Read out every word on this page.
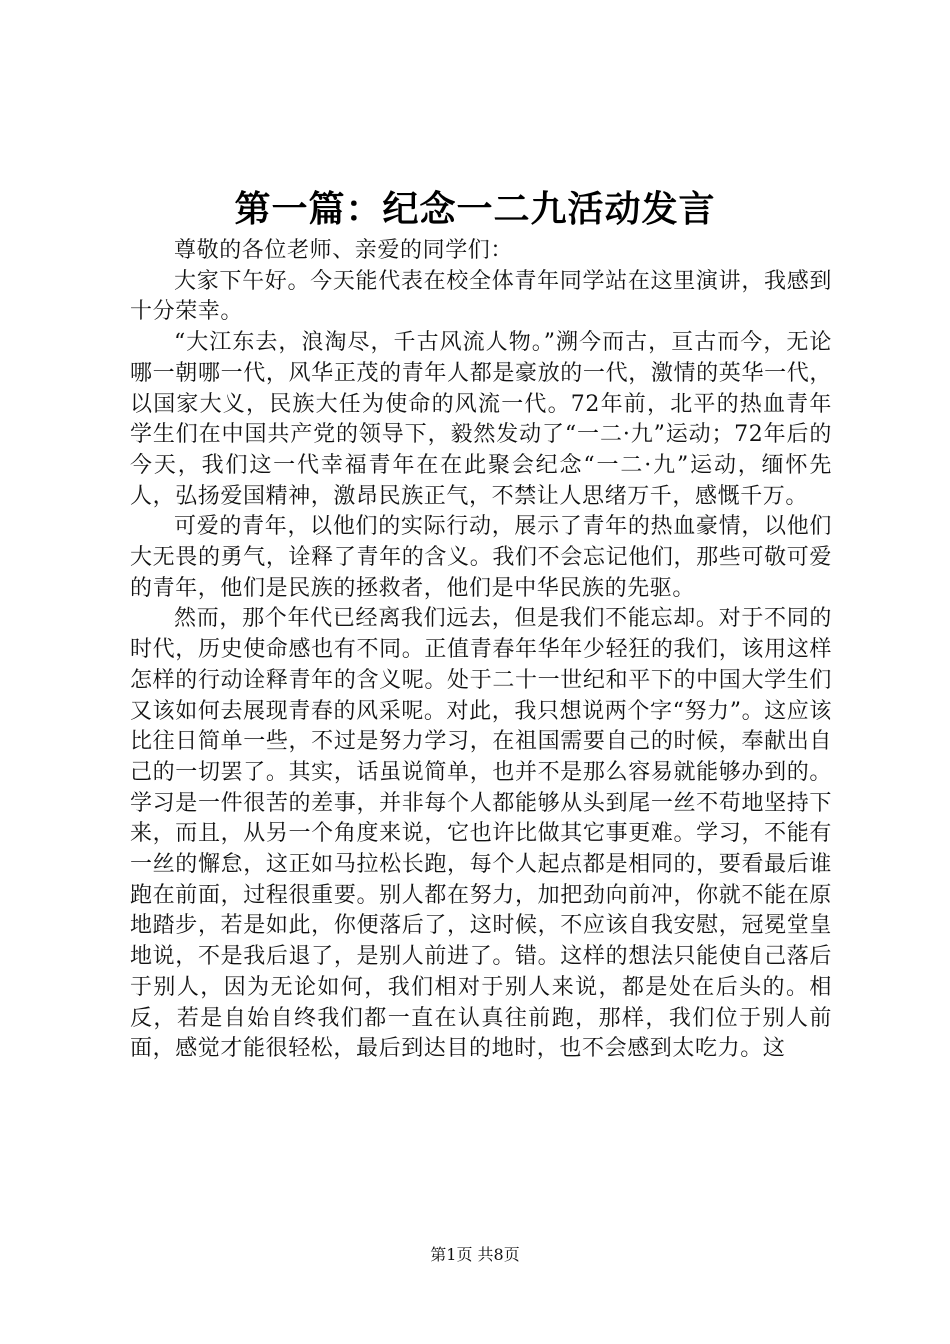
第一篇：纪念一二九活动发言

尊敬的各位老师、亲爱的同学们：

大家下午好。今天能代表在校全体青年同学站在这里演讲，我感到十分荣幸。

“大江东去，浪淘尽，千古风流人物。”溯今而古，亘古而今，无论哪一朝哪一代，风华正茂的青年人都是豪放的一代，激情的英华一代，以国家大义，民族大任为使命的风流一代。72年前，北平的热血青年学生们在中国共产党的领导下，毅然发动了“一二·九”运动；72年后的今天，我们这一代幸福青年在在此聚会纪念“一二·九”运动，缅怀先人，弘扬爱国精神，激昂民族正气，不禁让人思绪万千，感慨千万。

可爱的青年，以他们的实际行动，展示了青年的热血豪情，以他们大无畏的勇气，诠释了青年的含义。我们不会忘记他们，那些可敬可爱的青年，他们是民族的拯救者，他们是中华民族的先驱。

然而，那个年代已经离我们远去，但是我们不能忘却。对于不同的时代，历史使命感也有不同。正值青春年华年少轻狂的我们，该用这样怎样的行动诠释青年的含义呢。处于二十一世纪和平下的中国大学生们又该如何去展现青春的风采呢。对此，我只想说两个字“努力”。这应该比往日简单一些，不过是努力学习，在祖国需要自己的时候，奉献出自己的一切罢了。其实，话虽说简单，也并不是那么容易就能够办到的。学习是一件很苦的差事，并非每个人都能够从头到尾一丝不苟地坚持下来，而且，从另一个角度来说，它也许比做其它事更难。学习，不能有一丝的懈怠，这正如马拉松长跑，每个人起点都是相同的，要看最后谁跑在前面，过程很重要。别人都在努力，加把劲向前冲，你就不能在原地踏步，若是如此，你便落后了，这时候，不应该自我安慰，冠冕堂皇地说，不是我后退了，是别人前进了。错。这样的想法只能使自己落后于别人，因为无论如何，我们相对于别人来说，都是处在后头的。相反，若是自始自终我们都一直在认真往前跑，那样，我们位于别人前面，感觉才能很轻松，最后到达目的地时，也不会感到太吃力。这

第1页 共8页
